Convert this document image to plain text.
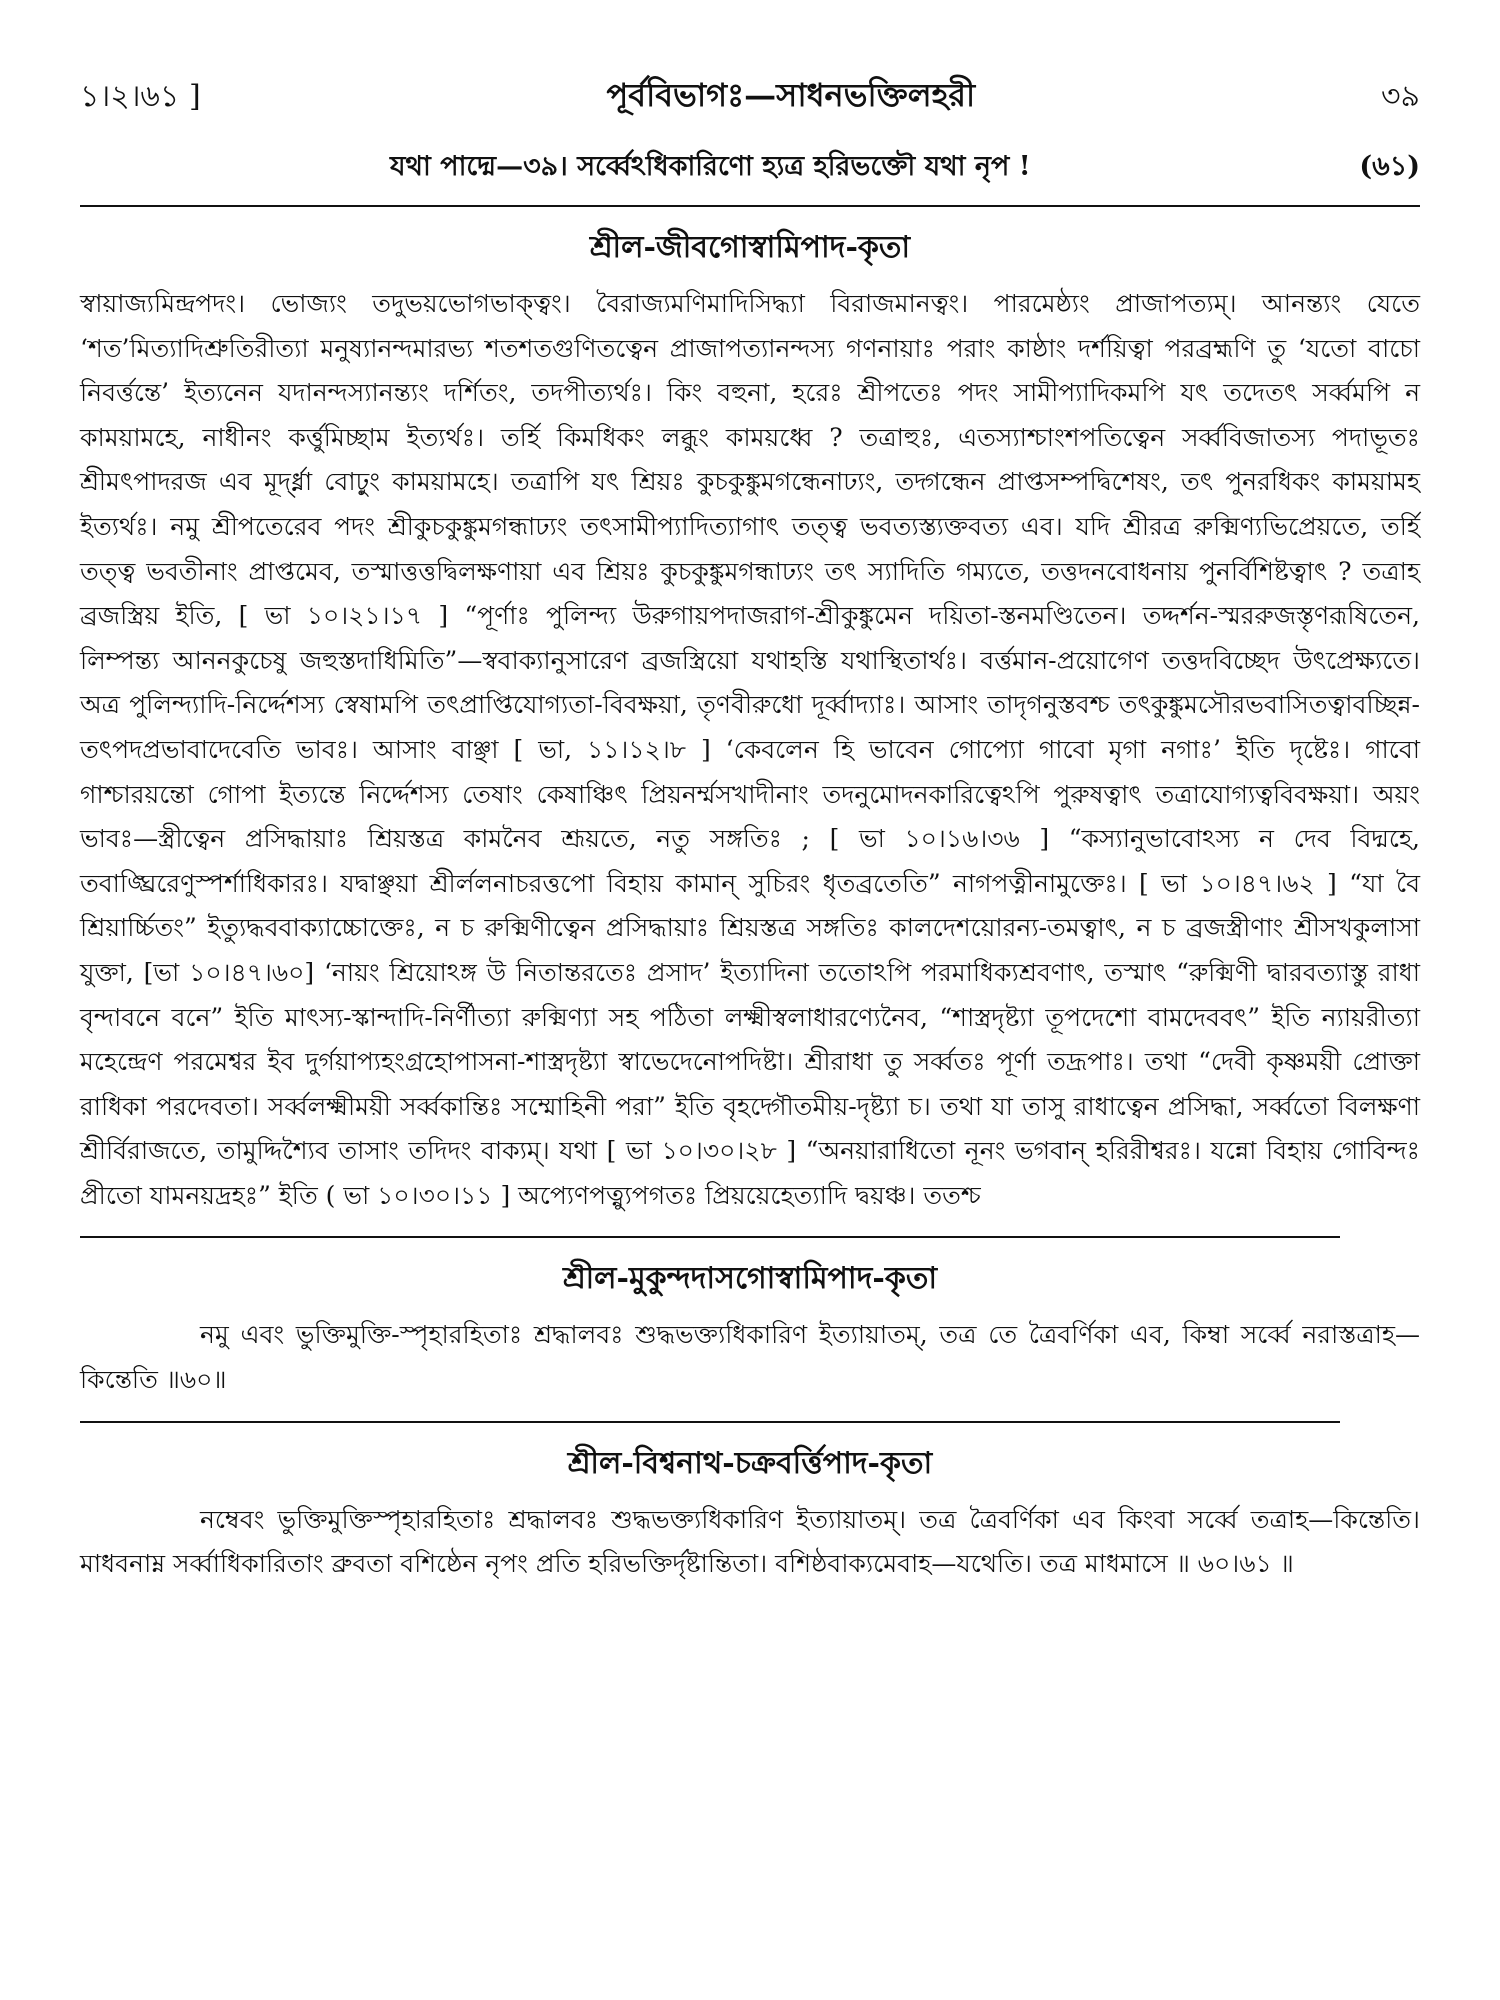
১।২।৬১ ]	পূর্ববিভাগঃ—সাধনভক্তিলহরী	৩৯
যথা পাদ্মে—৩৯। সর্ব্বেঽধিকারিণো হ্যত্র হরিভক্তৌ যথা নৃপ !	(৬১)
শ্রীল-জীবগোস্বামিপাদ-কৃতা
স্বায়াজ্যমিন্দ্রপদং। ভোজ্যং তদুভয়ভোগভাক্ত্বং। বৈরাজ্যমণিমাদিসিদ্ধ্যা বিরাজমানত্বং। পারমেষ্ঠ্যং প্রাজাপত্যম্। আনন্ত্যং যেতে ‘শত’মিত্যাদিশ্রুতিরীত্যা মনুষ্যানন্দমারভ্য শতশতগুণিতত্বেন প্রাজাপত্যানন্দস্য গণনায়াঃ পরাং কাষ্ঠাং দর্শয়িত্বা পরব্রহ্মণি তু ‘যতো বাচো নিবর্ত্তন্তে’ ইত্যনেন যদানন্দস্যানন্ত্যং দর্শিতং, তদপীত্যর্থঃ। কিং বহুনা, হরেঃ শ্রীপতেঃ পদং সামীপ্যাদিকমপি যৎ তদেতৎ সর্ব্বমপি ন কাময়ামহে, নাধীনং কর্ত্তুমিচ্ছাম ইত্যর্থঃ। তর্হি কিমধিকং লব্ধুং কাময়ধ্বে ? তত্রাহুঃ, এতস্যাশ্চাংশপতিত্বেন সর্ব্ববিজাতস্য পদাভূতঃ শ্রীমৎপাদরজ এব মূর্দ্ধ্না বোঢ়ুং কাময়ামহে। তত্রাপি যৎ শ্রিয়ঃ কুচকুঙ্কুমগন্ধেনাঢ্যং, তদ্গন্ধেন প্রাপ্তসম্পদ্বিশেষং, তৎ পুনরধিকং কাময়ামহ ইত্যর্থঃ। নমু শ্রীপতেরেব পদং শ্রীকুচকুঙ্কুমগন্ধাঢ্যং তৎসামীপ্যাদিত্যাগাৎ তত্ত্ব ভবত্যস্ত্যক্তবত্য এব। যদি শ্রীরত্র রুক্মিণ্যভিপ্রেয়তে, তর্হি তত্ত্ব ভবতীনাং প্রাপ্তমেব, তস্মাত্তত্তদ্বিলক্ষণায়া এব শ্রিয়ঃ কুচকুঙ্কুমগন্ধাঢ্যং তৎ স্যাদিতি গম্যতে, তত্তদনবোধনায় পুনর্বিশিষ্টত্বাৎ ? তত্রাহ ব্রজস্ত্রিয় ইতি, [ ভা ১০।২১।১৭ ] “পূর্ণাঃ পুলিন্দ্য উরুগায়পদাজরাগ-শ্রীকুঙ্কুমেন দয়িতা-স্তনমণ্ডিতেন। তদ্দর্শন-স্মররুজস্তৃণরূষিতেন, লিম্পন্ত্য আননকুচেষু জহুস্তদাধিমিতি”—স্ববাক্যানুসারেণ ব্রজস্ত্রিয়ো যথাহস্তি যথাস্থিতার্থঃ। বর্ত্তমান-প্রয়োগেণ তত্তদবিচ্ছেদ উৎপ্রেক্ষ্যতে। অত্র পুলিন্দ্যাদি-নির্দ্দেশস্য স্বেষামপি তৎপ্রাপ্তিযোগ্যতা-বিবক্ষয়া, তৃণবীরুধো দূর্ব্বাদ্যাঃ। আসাং তাদৃগনুস্তবশ্চ তৎকুঙ্কুমসৌরভবাসিতত্বাবচ্ছিন্ন-তৎপদপ্রভাবাদেবেতি ভাবঃ। আসাং বাঞ্ছা [ ভা, ১১।১২।৮ ] ‘কেবলেন হি ভাবেন গোপ্যো গাবো মৃগা নগাঃ’ ইতি দৃষ্টেঃ। গাবো গাশ্চারয়ন্তো গোপা ইত্যন্তে নির্দ্দেশস্য তেষাং কেষাঞ্চিৎ প্রিয়নর্ম্মসখাদীনাং তদনুমোদনকারিত্বেঽপি পুরুষত্বাৎ তত্রাযোগ্যত্ববিবক্ষয়া। অয়ং ভাবঃ—স্ত্রীত্বেন প্রসিদ্ধায়াঃ শ্রিয়স্তত্র কামনৈব শ্রূয়তে, নতু সঙ্গতিঃ ; [ ভা ১০।১৬।৩৬ ] “কস্যানুভাবোঽস্য ন দেব বিদ্মহে, তবাঙ্ঘ্রিরেণুস্পর্শাধিকারঃ। যদ্বাঞ্ছয়া শ্রীর্ললনাচরত্তপো বিহায় কামান্ সুচিরং ধৃতব্রতেতি” নাগপত্নীনামুক্তেঃ। [ ভা ১০।৪৭।৬২ ] “যা বৈ শ্রিয়ার্চ্চিতং” ইত্যুদ্ধববাক্যাচ্চোক্তেঃ, ন চ রুক্মিণীত্বেন প্রসিদ্ধায়াঃ শ্রিয়স্তত্র সঙ্গতিঃ কালদেশয়োরন্য-তমত্বাৎ, ন চ ব্রজস্ত্রীণাং শ্রীসখকুলাসা যুক্তা, [ভা ১০।৪৭।৬০] ‘নায়ং শ্রিয়োঽঙ্গ উ নিতান্তরতেঃ প্রসাদ’ ইত্যাদিনা ততোঽপি পরমাধিক্যশ্রবণাৎ, তস্মাৎ “রুক্মিণী দ্বারবত্যাস্তু রাধা বৃন্দাবনে বনে” ইতি মাৎস্য-স্কান্দাদি-নির্ণীত্যা রুক্মিণ্যা সহ পঠিতা লক্ষ্মীস্বলাধারণ্যেনৈব, “শাস্ত্রদৃষ্ট্যা তূপদেশো বামদেববৎ” ইতি ন্যায়রীত্যা মহেন্দ্রেণ পরমেশ্বর ইব দুর্গয়াপ্যহংগ্রহোপাসনা-শাস্ত্রদৃষ্ট্যা স্বাভেদেনোপদিষ্টা। শ্রীরাধা তু সর্ব্বতঃ পূর্ণা তদ্রূপাঃ। তথা “দেবী কৃষ্ণময়ী প্রোক্তা রাধিকা পরদেবতা। সর্ব্বলক্ষ্মীময়ী সর্ব্বকান্তিঃ সম্মোহিনী পরা” ইতি বৃহদ্গৌতমীয়-দৃষ্ট্যা চ। তথা যা তাসু রাধাত্বেন প্রসিদ্ধা, সর্ব্বতো বিলক্ষণা শ্রীর্বিরাজতে, তামুদ্দিশ্যৈব তাসাং তদিদং বাক্যম্। যথা [ ভা ১০।৩০।২৮ ] “অনয়ারাধিতো নূনং ভগবান্ হরিরীশ্বরঃ। যন্নো বিহায় গোবিন্দঃ প্রীতো যামনয়দ্রহঃ” ইতি ( ভা ১০।৩০।১১ ] অপ্যেণপত্ন্যুপগতঃ প্রিয়য়েহেত্যাদি দ্বয়ঞ্চ। ততশ্চ
শ্রীল-মুকুন্দদাসগোস্বামিপাদ-কৃতা
নমু এবং ভুক্তিমুক্তি-স্পৃহারহিতাঃ শ্রদ্ধালবঃ শুদ্ধভক্ত্যধিকারিণ ইত্যায়াতম্, তত্র তে ত্রৈবর্ণিকা এব, কিম্বা সর্ব্বে নরাস্তত্রাহ—কিন্তেতি ॥৬০॥
শ্রীল-বিশ্বনাথ-চক্রবর্ত্তিপাদ-কৃতা
নম্বেবং ভুক্তিমুক্তিস্পৃহারহিতাঃ শ্রদ্ধালবঃ শুদ্ধভক্ত্যধিকারিণ ইত্যায়াতম্। তত্র ত্রৈবর্ণিকা এব কিংবা সর্ব্বে তত্রাহ—কিন্তেতি। মাধবনাম্ন সর্ব্বাধিকারিতাং ব্রুবতা বশিষ্ঠেন নৃপং প্রতি হরিভক্তির্দৃষ্টান্তিতা। বশিষ্ঠবাক্যমেবাহ—যথেতি। তত্র মাধমাসে ॥ ৬০।৬১ ॥
